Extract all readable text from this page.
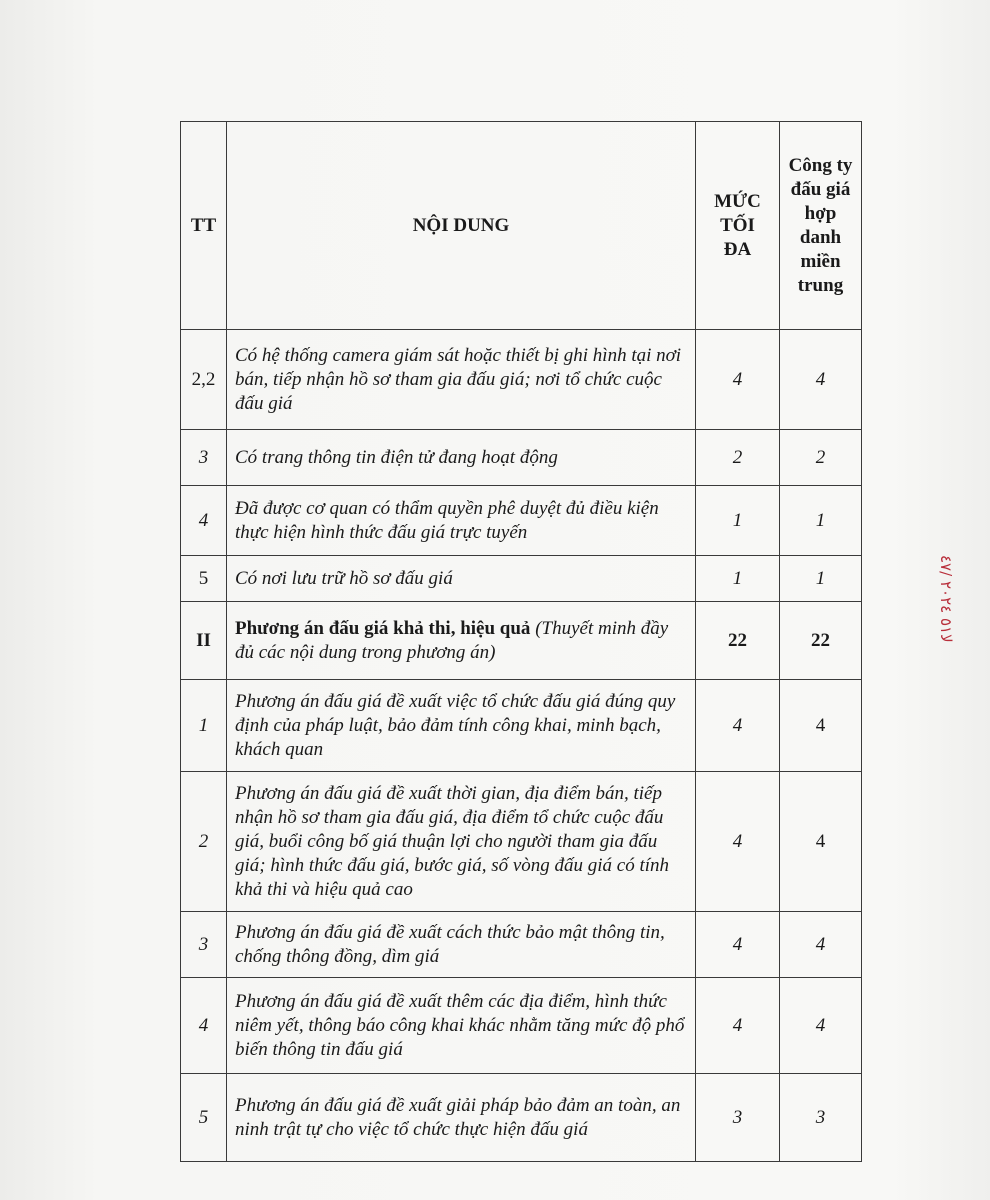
TT	NỘI DUNG	MỨC TỐI ĐA	Công ty đấu giá hợp danh miền trung
2,2	Có hệ thống camera giám sát hoặc thiết bị ghi hình tại nơi bán, tiếp nhận hồ sơ tham gia đấu giá; nơi tổ chức cuộc đấu giá	4	4
3	Có trang thông tin điện tử đang hoạt động	2	2
4	Đã được cơ quan có thẩm quyền phê duyệt đủ điều kiện thực hiện hình thức đấu giá trực tuyến	1	1
5	Có nơi lưu trữ hồ sơ đấu giá	1	1
II	Phương án đấu giá khả thi, hiệu quả (Thuyết minh đầy đủ các nội dung trong phương án)	22	22
1	Phương án đấu giá đề xuất việc tổ chức đấu giá đúng quy định của pháp luật, bảo đảm tính công khai, minh bạch, khách quan	4	4
2	Phương án đấu giá đề xuất thời gian, địa điểm bán, tiếp nhận hồ sơ tham gia đấu giá, địa điểm tổ chức cuộc đấu giá, buổi công bố giá thuận lợi cho người tham gia đấu giá; hình thức đấu giá, bước giá, số vòng đấu giá có tính khả thi và hiệu quả cao	4	4
3	Phương án đấu giá đề xuất cách thức bảo mật thông tin, chống thông đồng, dìm giá	4	4
4	Phương án đấu giá đề xuất thêm các địa điểm, hình thức niêm yết, thông báo công khai khác nhằm tăng mức độ phổ biến thông tin đấu giá	4	4
5	Phương án đấu giá đề xuất giải pháp bảo đảm an toàn, an ninh trật tự cho việc tổ chức thực hiện đấu giá	3	3
ﻻ٥١ ٢٠٢٤ /٤٧
